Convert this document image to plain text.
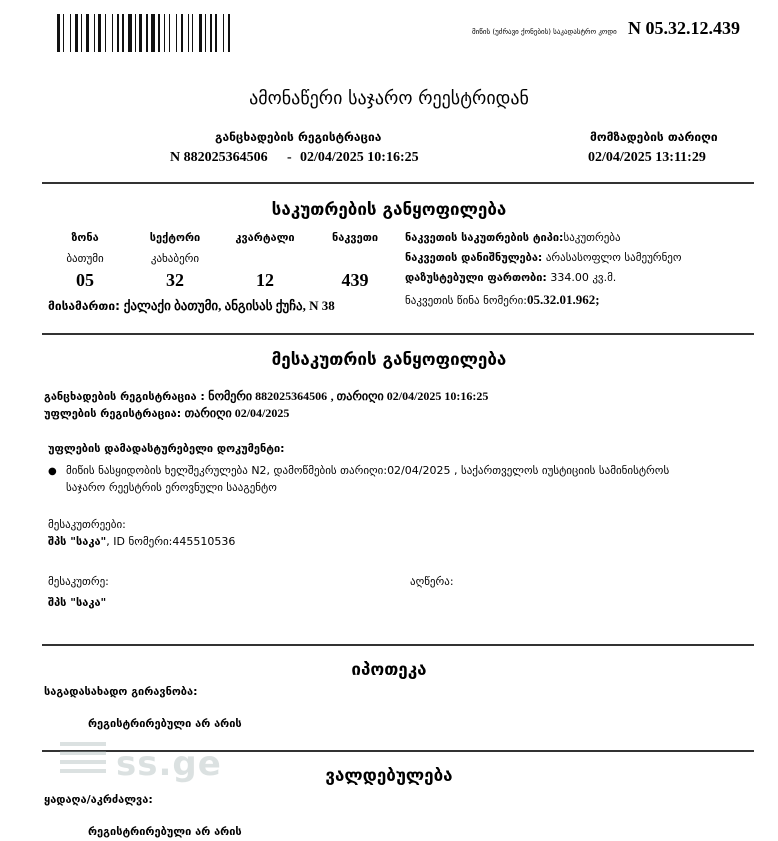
მიწის (უძრავი ქონების) საკადასტრო კოდი N 05.32.12.439
ამონაწერი საჯარო რეესტრიდან
განცხადების რეგისტრაცია
N 882025364506 - 02/04/2025 10:16:25
მომზადების თარიღი
02/04/2025 13:11:29
საკუთრების განყოფილება
ზონა	სექტორი	კვარტალი	ნაკვეთი
ბათუმი	კახაბერი
05	32	12	439
მისამართი: ქალაქი ბათუმი, ანგისას ქუჩა, N 38
ნაკვეთის საკუთრების ტიპი:საკუთრება
ნაკვეთის დანიშნულება: არასასოფლო სამეურნეო
დაზუსტებული ფართობი: 334.00 კვ.მ.
ნაკვეთის წინა ნომერი:05.32.01.962;
მესაკუთრის განყოფილება
განცხადების რეგისტრაცია : ნომერი 882025364506 , თარიღი 02/04/2025 10:16:25
უფლების რეგისტრაცია: თარიღი 02/04/2025
უფლების დამადასტურებელი დოკუმენტი:
● მიწის ნასყიდობის ხელშეკრულება N2, დამოწმების თარიღი:02/04/2025 , საქართველოს იუსტიციის სამინისტროს
საჯარო რეესტრის ეროვნული სააგენტო
მესაკუთრეები:
შპს "საკა", ID ნომერი:445510536
მესაკუთრე:	აღწერა:
შპს "საკა"
იპოთეკა
საგადასახადო გირავნობა:
რეგისტრირებული არ არის
ვალდებულება
ყადაღა/აკრძალვა:
რეგისტრირებული არ არის
ss.ge
